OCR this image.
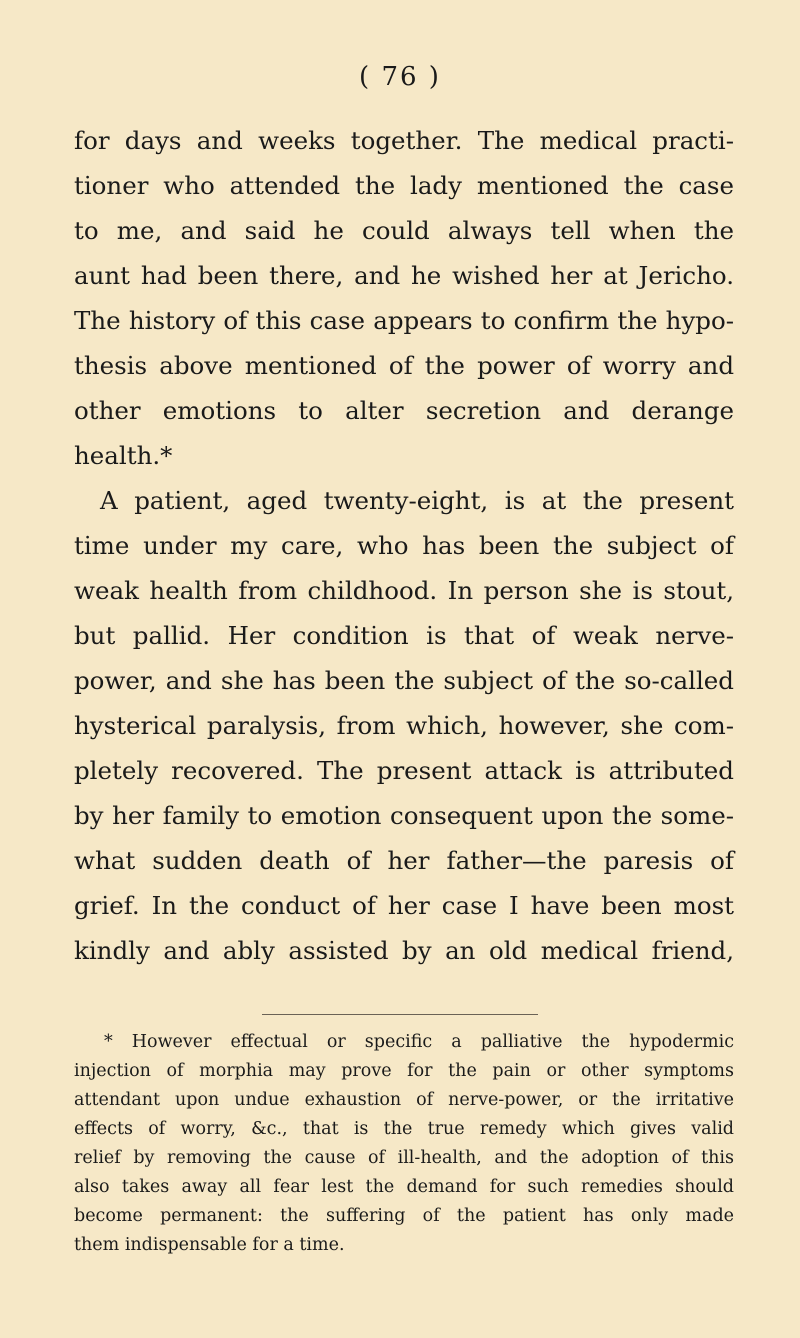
( 76 )
for days and weeks together. The medical practi-
tioner who attended the lady mentioned the case
to me, and said he could always tell when the
aunt had been there, and he wished her at Jericho.
The history of this case appears to confirm the hypo-
thesis above mentioned of the power of worry and
other emotions to alter secretion and derange
health.*
A patient, aged twenty-eight, is at the present
time under my care, who has been the subject of
weak health from childhood. In person she is stout,
but pallid. Her condition is that of weak nerve-
power, and she has been the subject of the so-called
hysterical paralysis, from which, however, she com-
pletely recovered. The present attack is attributed
by her family to emotion consequent upon the some-
what sudden death of her father—the paresis of
grief. In the conduct of her case I have been most
kindly and ably assisted by an old medical friend,
* However effectual or specific a palliative the hypodermic
injection of morphia may prove for the pain or other symptoms
attendant upon undue exhaustion of nerve-power, or the irritative
effects of worry, &c., that is the true remedy which gives valid
relief by removing the cause of ill-health, and the adoption of this
also takes away all fear lest the demand for such remedies should
become permanent: the suffering of the patient has only made
them indispensable for a time.
